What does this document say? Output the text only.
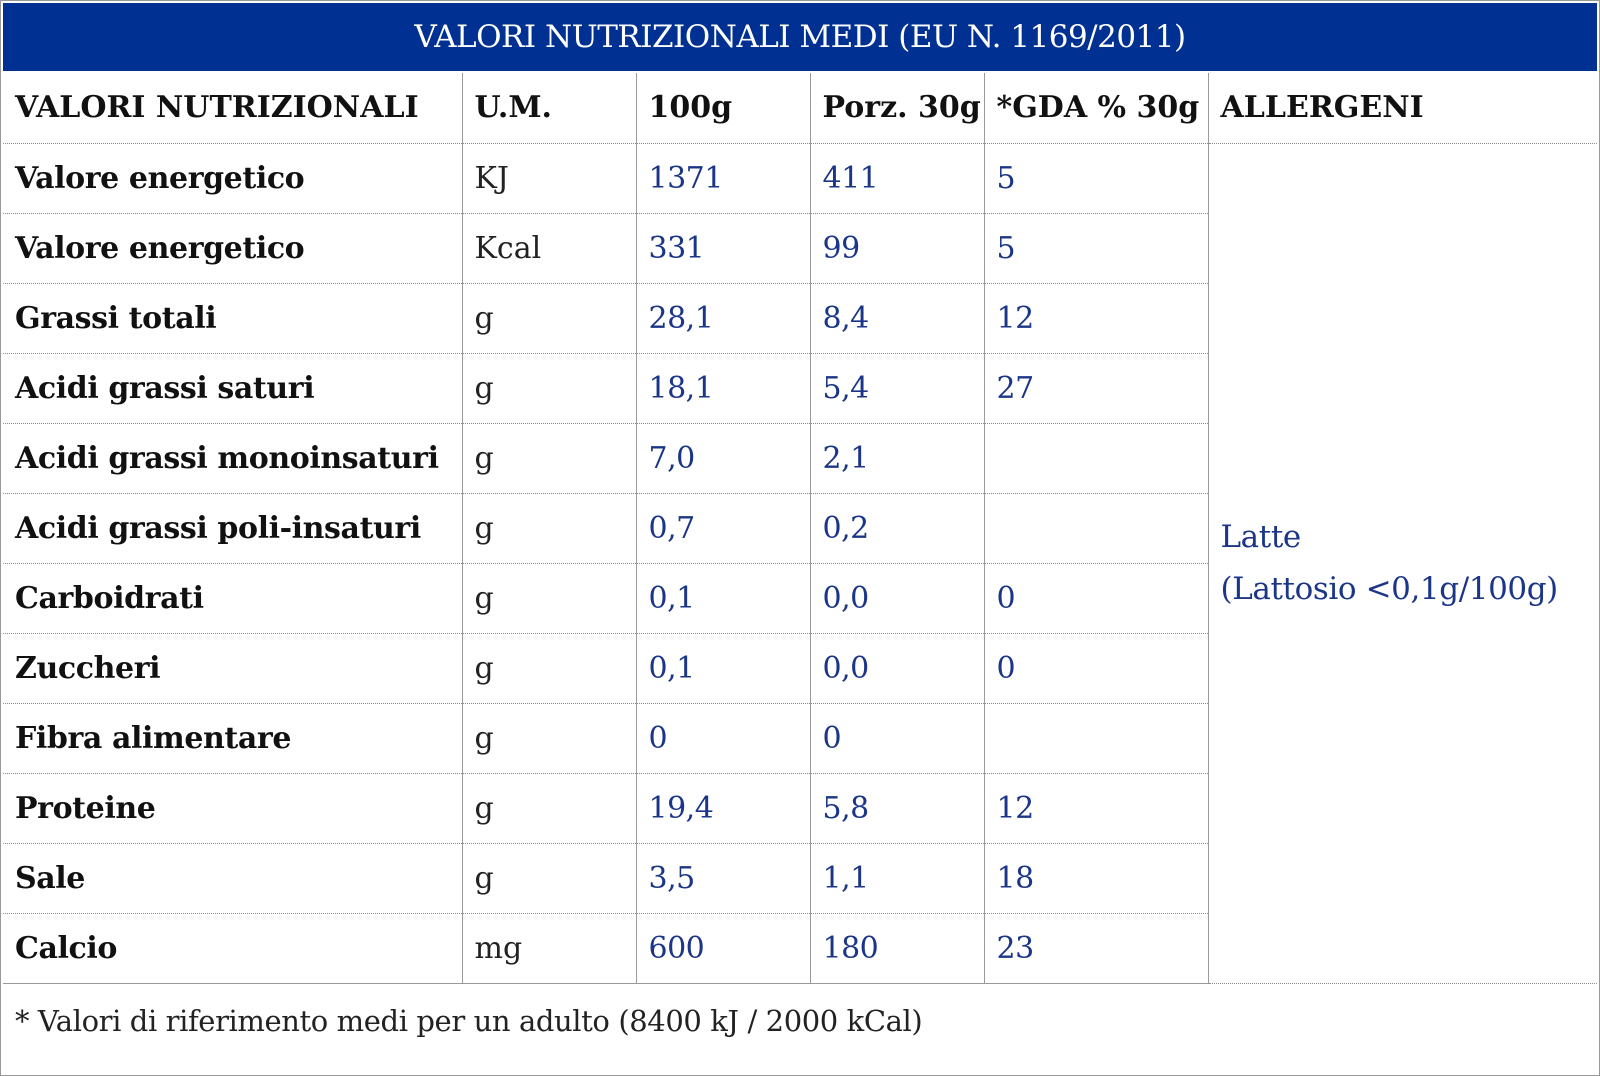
VALORI NUTRIZIONALI MEDI (EU N. 1169/2011)
VALORI NUTRIZIONALI	U.M.	100g	Porz. 30g	*GDA % 30g	ALLERGENI
Valore energetico	KJ	1371	411	5	Latte
(Lattosio <0,1g/100g)

Valore energetico	Kcal	331	99	5	
Grassi totali	g	28,1	8,4	12	
Acidi grassi saturi	g	18,1	5,4	27	
Acidi grassi monoinsaturi	g	7,0	2,1		
Acidi grassi poli-insaturi	g	0,7	0,2		
Carboidrati	g	0,1	0,0	0	
Zuccheri	g	0,1	0,0	0	
Fibra alimentare	g	0	0		
Proteine	g	19,4	5,8	12	
Sale	g	3,5	1,1	18	
Calcio	mg	600	180	23	
* Valori di riferimento medi per un adulto (8400 kJ / 2000 kCal)
